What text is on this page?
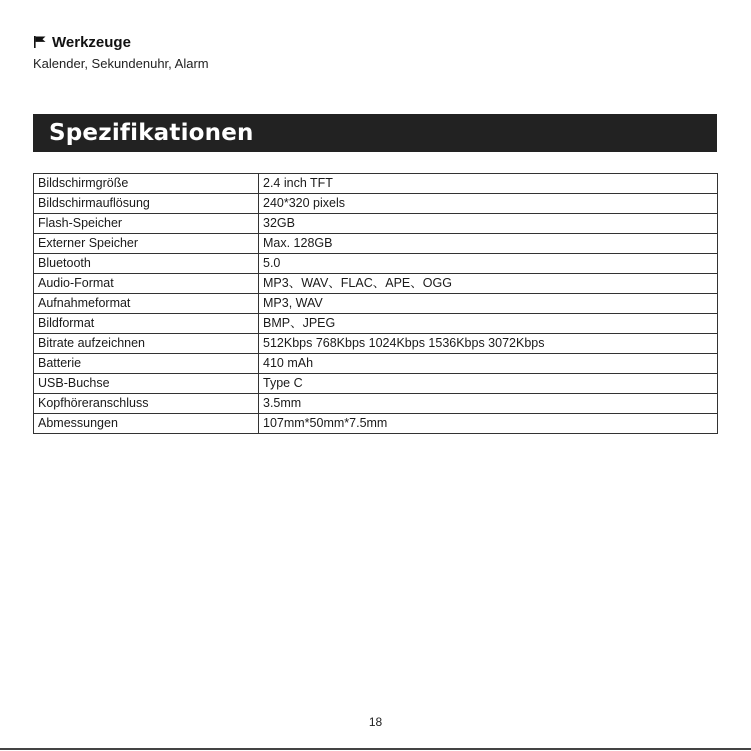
Werkzeuge
Kalender, Sekundenuhr, Alarm
Spezifikationen
Bildschirmgröße	2.4 inch TFT
Bildschirmauflösung	240*320 pixels
Flash-Speicher	32GB
Externer Speicher	Max. 128GB
Bluetooth	5.0
Audio-Format	MP3、WAV、FLAC、APE、OGG
Aufnahmeformat	MP3, WAV
Bildformat	BMP、JPEG
Bitrate aufzeichnen	512Kbps 768Kbps 1024Kbps 1536Kbps 3072Kbps
Batterie	410 mAh
USB-Buchse	Type C
Kopfhöreranschluss	3.5mm
Abmessungen	107mm*50mm*7.5mm
18
